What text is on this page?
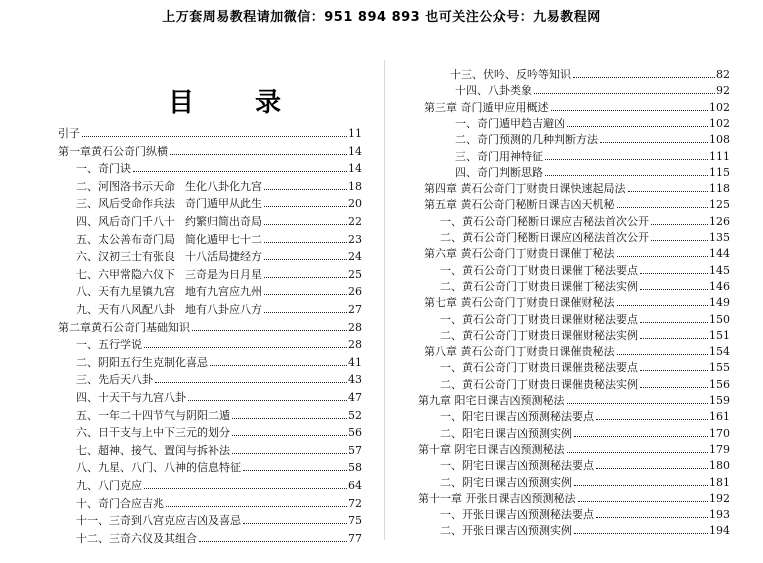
上万套周易教程请加微信：951 894 893 也可关注公众号：九易教程网
目 录
引子	11
第一章黄石公奇门纵横	14
一、奇门诀	14
二、河图洛书示天命 生化八卦化九宫	18
三、风后受命作兵法 奇门遁甲从此生	20
四、风后奇门千八十 约繁归简出奇局	22
五、太公善布奇门局 简化遁甲七十二	23
六、汉初三士有张良 十八活局捷经方	24
七、六甲常隐六仪下 三奇是为日月星	25
八、天有九星镇九宫 地有九宫应九州	26
九、天有八风配八卦 地有八卦应八方	27
第二章黄石公奇门基础知识	28
一、五行学说	28
二、阴阳五行生克制化喜忌	41
三、先后天八卦	43
四、十天干与九宫八卦	47
五、一年二十四节气与阴阳二遁	52
六、日干支与上中下三元的划分	56
七、超神、接气、置闰与拆补法	57
八、九星、八门、八神的信息特征	58
九、八门克应	64
十、奇门合应吉兆	72
十一、三奇到八宫克应吉凶及喜忌	75
十二、三奇六仪及其组合	77
十三、伏吟、反吟等知识	82
十四、八卦类象	92
第三章 奇门遁甲应用概述	102
一、奇门遁甲趋吉避凶	102
二、奇门预测的几种判断方法	108
三、奇门用神特征	111
四、奇门判断思路	115
第四章 黄石公奇门丁财贵日课快速起局法	118
第五章 黄石公奇门秘断日课吉凶天机秘	125
一、黄石公奇门秘断日课应吉秘法首次公开	126
二、黄石公奇门秘断日课应凶秘法首次公开	135
第六章 黄石公奇门丁财贵日课催丁秘法	144
一、黄石公奇门丁财贵日课催丁秘法要点	145
二、黄石公奇门丁财贵日课催丁秘法实例	146
第七章 黄石公奇门丁财贵日课催财秘法	149
一、黄石公奇门丁财贵日课催财秘法要点	150
二、黄石公奇门丁财贵日课催财秘法实例	151
第八章 黄石公奇门丁财贵日课催贵秘法	154
一、黄石公奇门丁财贵日课催贵秘法要点	155
二、黄石公奇门丁财贵日课催贵秘法实例	156
第九章 阳宅日课吉凶预测秘法	159
一、阳宅日课吉凶预测秘法要点	161
二、阳宅日课吉凶预测实例	170
第十章 阴宅日课吉凶预测秘法	179
一、阴宅日课吉凶预测秘法要点	180
二、阴宅日课吉凶预测实例	181
第十一章 开张日课吉凶预测秘法	192
一、开张日课吉凶预测秘法要点	193
二、开张日课吉凶预测实例	194
